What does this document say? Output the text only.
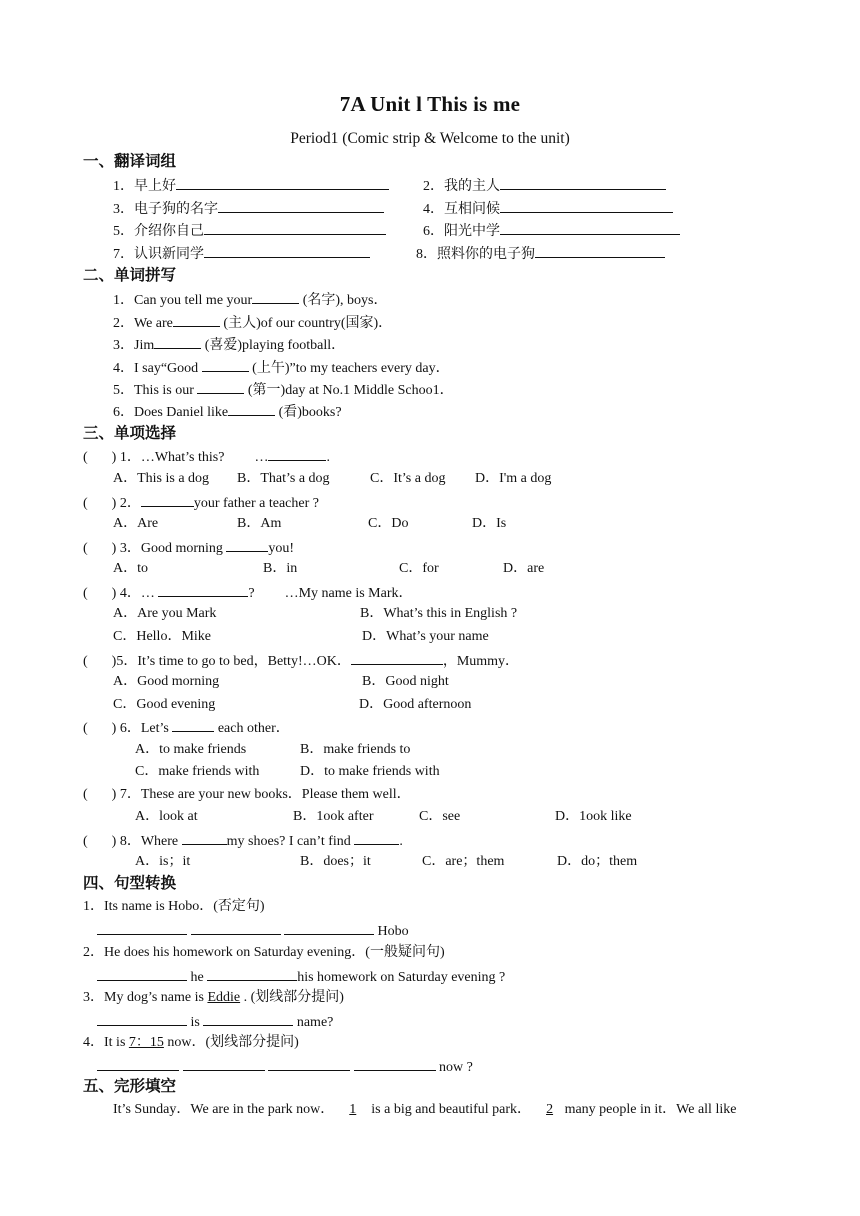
7A Unit l This is me
Period1 (Comic strip & Welcome to the unit)
一、翻译词组
1．早上好	2．我的主人
3．电子狗的名字	4．互相问候
5．介绍你自己	6．阳光中学
7．认识新同学	8．照料你的电子狗
二、单词拼写
1．Can you tell me your	(名字), boys．
2．We are	(主人)of our country(国家)．
3．Jim	(喜爱)playing football．
4．I say“Good	(上午)”to my teachers every day．
5．This is our	(第一)day at No.1 Middle Schoo1．
6．Does Daniel like	(看)books?
三、单项选择
( ) 1．…What’s this? …	.
A．This is a dog B．That’s a dog	C．It’s a dog D．I'm a dog
( ) 2．	your father a teacher ?
A．Are	B．Am	C．Do	D．Is
( ) 3．Good morning	you!
A．to	B．in	C．for	D．are
( ) 4．…	? …My name is Mark．
A．Are you Mark	B．What’s this in English ?
C．Hello．Mike	D．What’s your name
( )5．It’s time to go to bed，Betty!…OK．	，Mummy．
A．Good morning	B．Good night
C．Good evening	D．Good afternoon
( ) 6．Let’s	each other．
A．to make friends	B．make friends to
C．make friends with	D．to make friends with
( ) 7．These are your new books．Please them well．
A．look at	B．1ook after	C．see	D．1ook like
( ) 8．Where	my shoes? I can’t find	.
A．is；it	B．does；it	C．are；them	D．do；them
四、句型转换
1．Its name is Hobo．(否定句)
Hobo
2．He does his homework on Saturday evening．(一般疑问句)
he	his homework on Saturday evening ?
3．My dog’s name is Eddie . (划线部分提问)
is	name?
4．It is 7：15 now．(划线部分提问)
now ?
五、完形填空
It’s Sunday．We are in the park now． 1 is a big and beautiful park． 2 many people in it．We all like
